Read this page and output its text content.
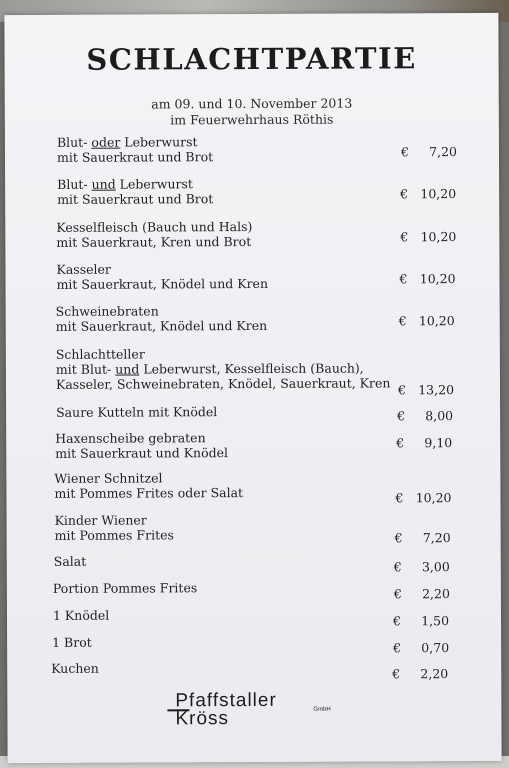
SCHLACHTPARTIE
am 09. und 10. November 2013
im Feuerwehrhaus Röthis
Blut- oder Leberwurst
mit Sauerkraut und Brot	€ 7,20
Blut- und Leberwurst
mit Sauerkraut und Brot	€ 10,20
Kesselfleisch (Bauch und Hals)
mit Sauerkraut, Kren und Brot	€ 10,20
Kasseler
mit Sauerkraut, Knödel und Kren	€ 10,20
Schweinebraten
mit Sauerkraut, Knödel und Kren	€ 10,20
Schlachtteller
mit Blut- und Leberwurst, Kesselfleisch (Bauch),
Kasseler, Schweinebraten, Knödel, Sauerkraut, Kren € 13,20
Saure Kutteln mit Knödel	€ 8,00
Haxenscheibe gebraten
mit Sauerkraut und Knödel
€ 9,10
Wiener Schnitzel
mit Pommes Frites oder Salat	€ 10,20
Kinder Wiener
mit Pommes Frites	€ 7,20
Salat	€ 3,00
Portion Pommes Frites	€ 2,20
1 Knödel	€ 1,50
1 Brot	€ 0,70
Kuchen	€ 2,20
Pfaffstaller
Kröss	GmbH
